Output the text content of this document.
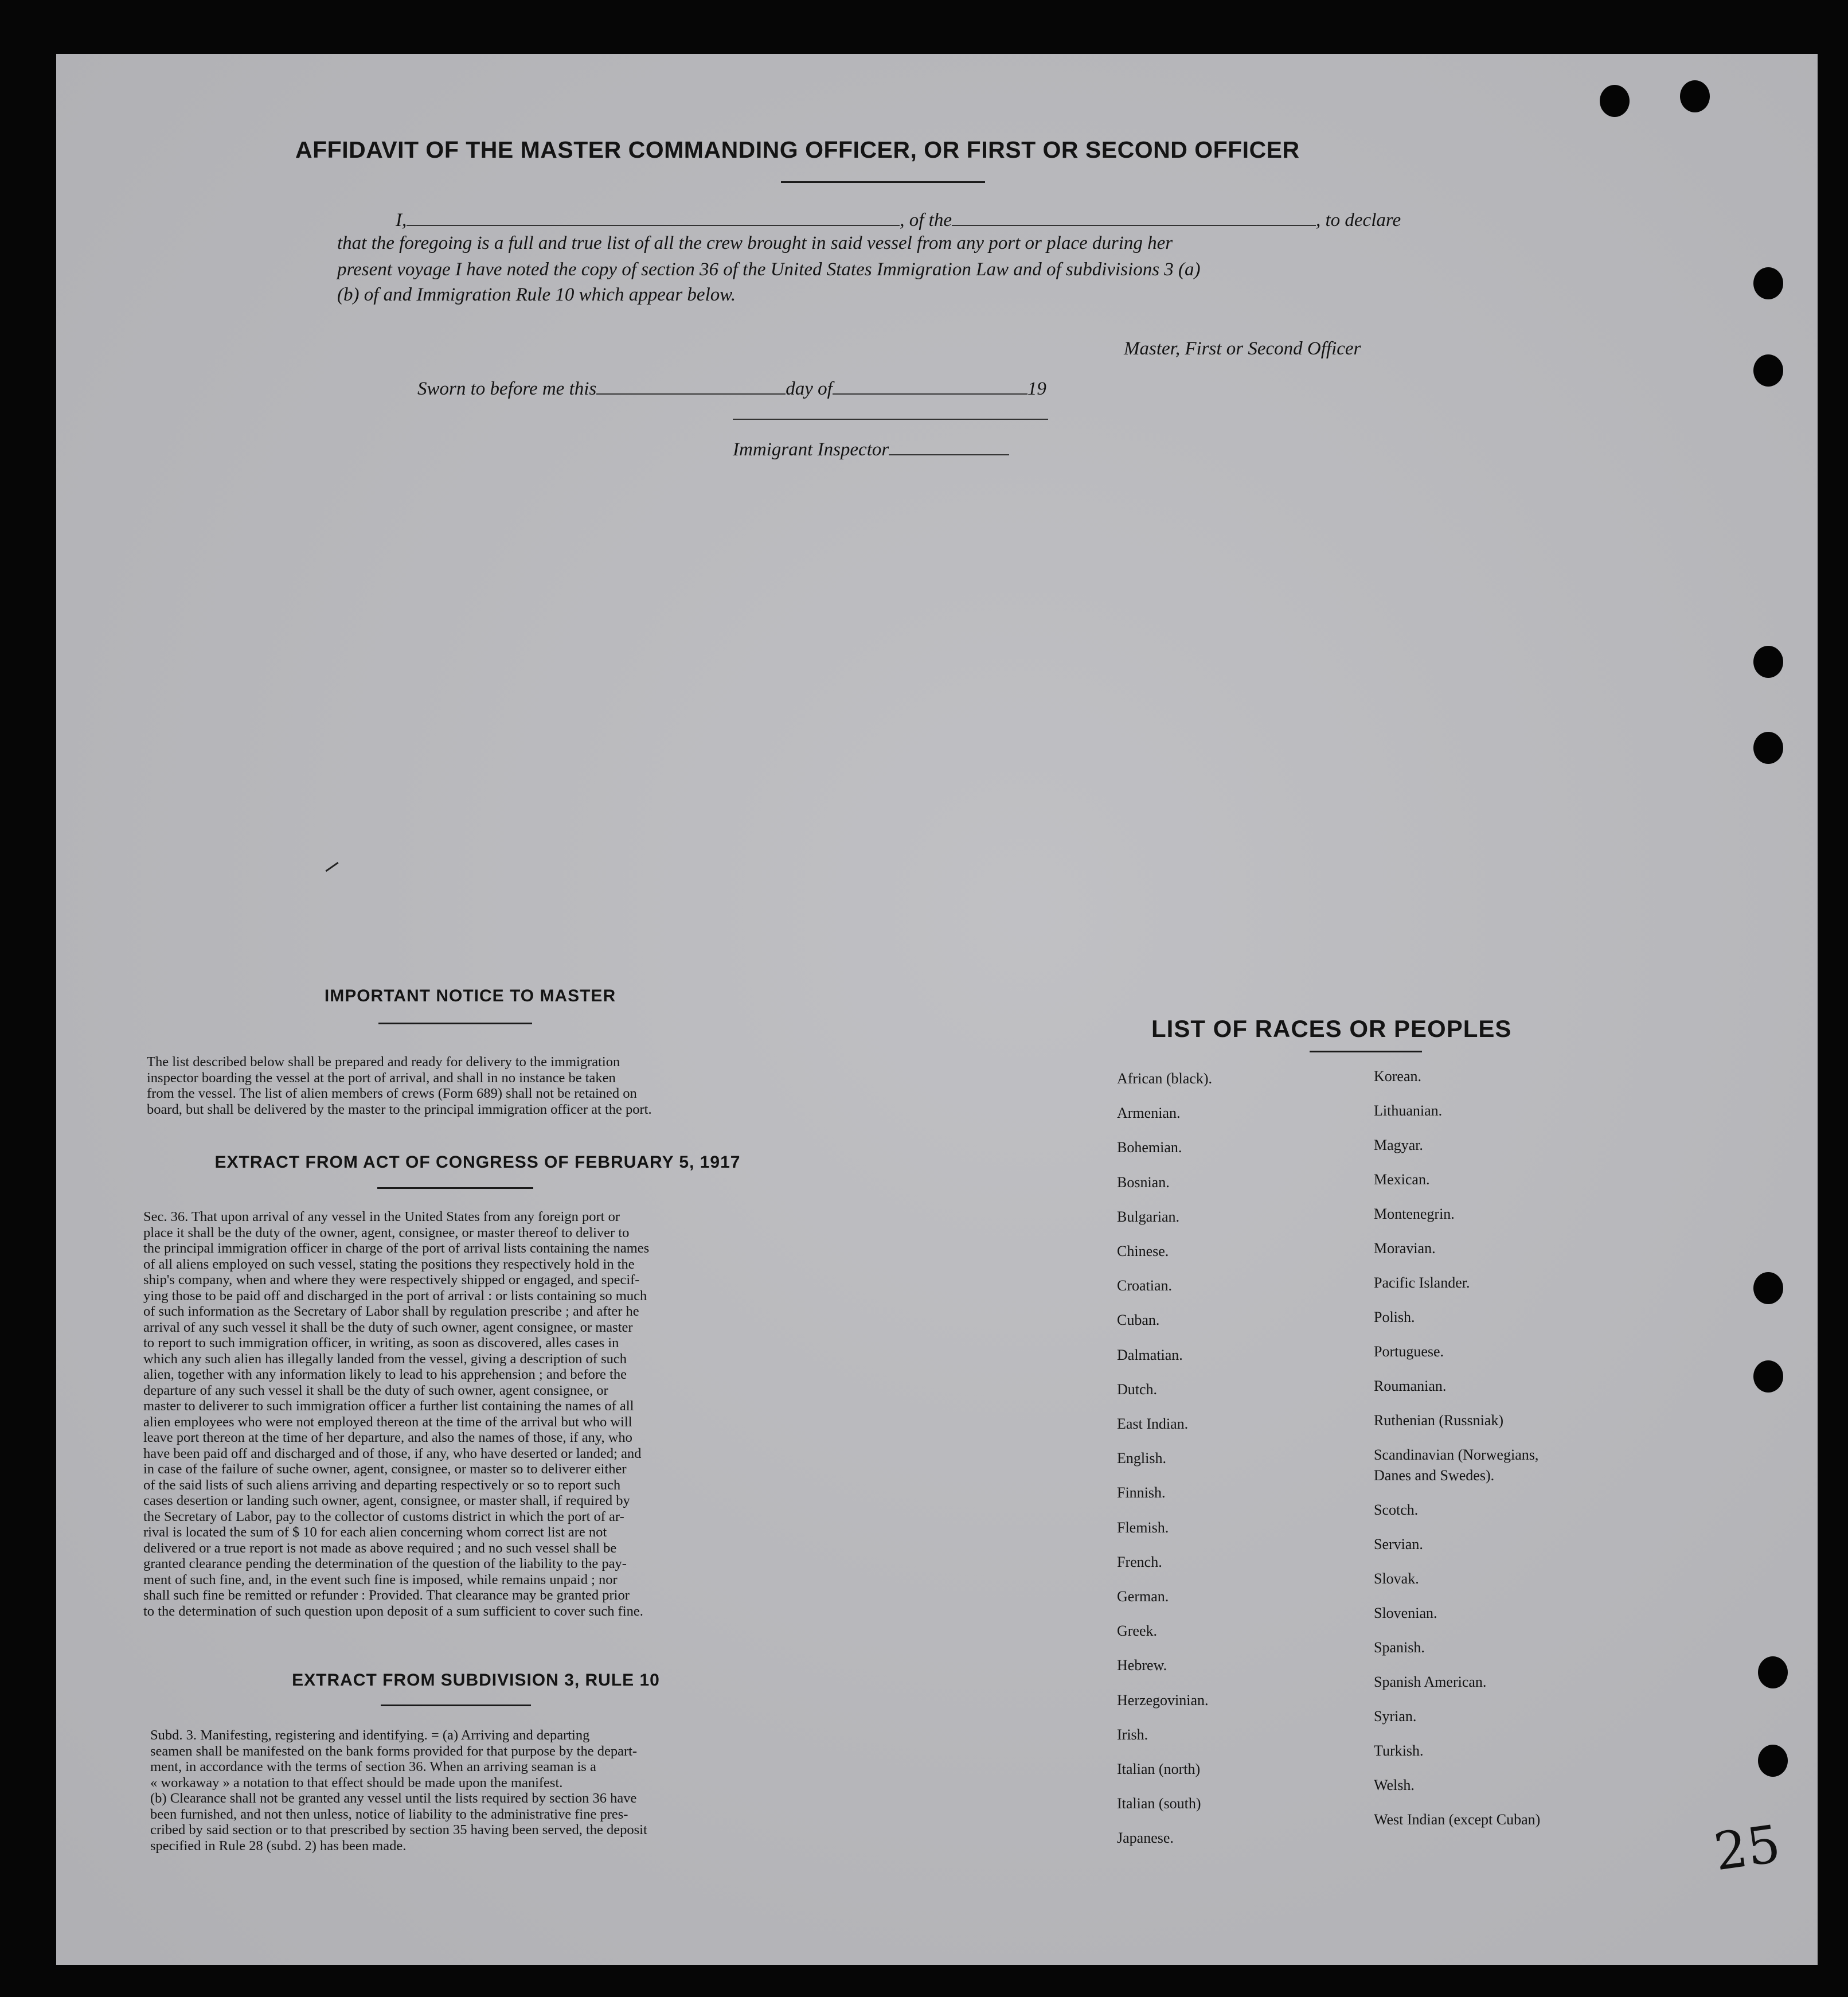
AFFIDAVIT OF THE MASTER COMMANDING OFFICER, OR FIRST OR SECOND OFFICER
I,	, of the	, to declare
that the foregoing is a full and true list of all the crew brought in said vessel from any port or place during her
present voyage I have noted the copy of section 36 of the United States Immigration Law and of subdivisions 3 (a)
(b) of and Immigration Rule 10 which appear below.
Master, First or Second Officer
Sworn to before me this	day of	19
Immigrant Inspector
IMPORTANT NOTICE TO MASTER

The list described below shall be prepared and ready for delivery to the immigration

inspector boarding the vessel at the port of arrival, and shall in no instance be taken

from the vessel. The list of alien members of crews (Form 689) shall not be retained on

board, but shall be delivered by the master to the principal immigration officer at the port.

EXTRACT FROM ACT OF CONGRESS OF FEBRUARY 5, 1917

Sec. 36. That upon arrival of any vessel in the United States from any foreign port or

place it shall be the duty of the owner, agent, consignee, or master thereof to deliver to

the principal immigration officer in charge of the port of arrival lists containing the names

of all aliens employed on such vessel, stating the positions they respectively hold in the

ship's company, when and where they were respectively shipped or engaged, and specif-

ying those to be paid off and discharged in the port of arrival : or lists containing so much

of such information as the Secretary of Labor shall by regulation prescribe ; and after he

arrival of any such vessel it shall be the duty of such owner, agent consignee, or master

to report to such immigration officer, in writing, as soon as discovered, alles cases in

which any such alien has illegally landed from the vessel, giving a description of such

alien, together with any information likely to lead to his apprehension ; and before the

departure of any such vessel it shall be the duty of such owner, agent consignee, or

master to deliverer to such immigration officer a further list containing the names of all

alien employees who were not employed thereon at the time of the arrival but who will

leave port thereon at the time of her departure, and also the names of those, if any, who

have been paid off and discharged and of those, if any, who have deserted or landed; and

in case of the failure of suche owner, agent, consignee, or master so to deliverer either

of the said lists of such aliens arriving and departing respectively or so to report such

cases desertion or landing such owner, agent, consignee, or master shall, if required by

the Secretary of Labor, pay to the collector of customs district in which the port of ar-

rival is located the sum of $ 10 for each alien concerning whom correct list are not

delivered or a true report is not made as above required ; and no such vessel shall be

granted clearance pending the determination of the question of the liability to the pay-

ment of such fine, and, in the event such fine is imposed, while remains unpaid ; nor

shall such fine be remitted or refunder : Provided. That clearance may be granted prior

to the determination of such question upon deposit of a sum sufficient to cover such fine.

EXTRACT FROM SUBDIVISION 3, RULE 10

Subd. 3. Manifesting, registering and identifying. = (a) Arriving and departing

seamen shall be manifested on the bank forms provided for that purpose by the depart-

ment, in accordance with the terms of section 36. When an arriving seaman is a

« workaway » a notation to that effect should be made upon the manifest.

(b) Clearance shall not be granted any vessel until the lists required by section 36 have

been furnished, and not then unless, notice of liability to the administrative fine pres-

cribed by said section or to that prescribed by section 35 having been served, the deposit

specified in Rule 28 (subd. 2) has been made.

LIST OF RACES OR PEOPLES
African (black).
Armenian.
Bohemian.
Bosnian.
Bulgarian.
Chinese.
Croatian.
Cuban.
Dalmatian.
Dutch.
East Indian.
English.
Finnish.
Flemish.
French.
German.
Greek.
Hebrew.
Herzegovinian.
Irish.
Italian (north)
Italian (south)
Japanese.
Korean.
Lithuanian.
Magyar.
Mexican.
Montenegrin.
Moravian.
Pacific Islander.
Polish.
Portuguese.
Roumanian.
Ruthenian (Russniak)
Scandinavian (Norwegians,
Danes and Swedes).
Scotch.
Servian.
Slovak.
Slovenian.
Spanish.
Spanish American.
Syrian.
Turkish.
Welsh.
West Indian (except Cuban)	25
